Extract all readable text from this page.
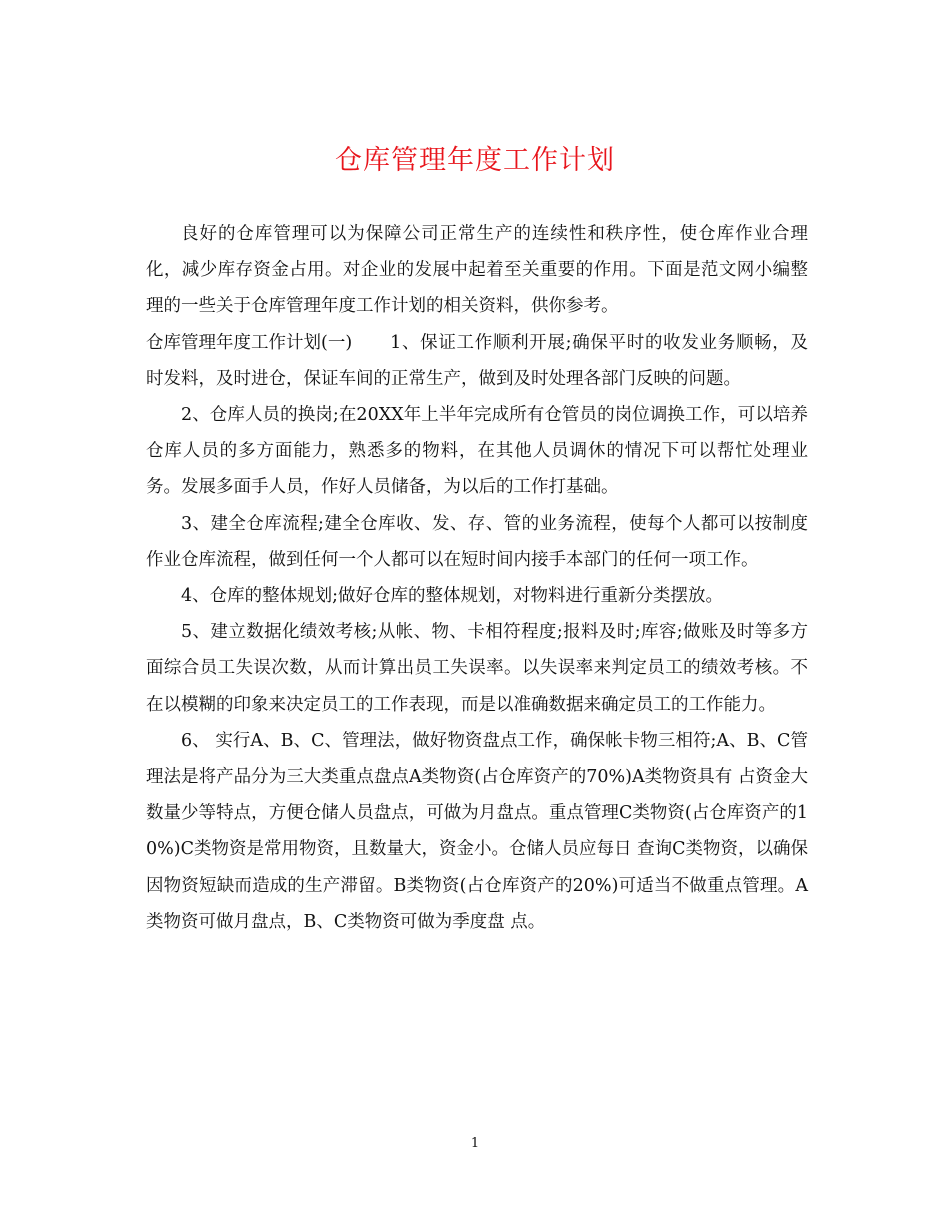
仓库管理年度工作计划

良好的仓库管理可以为保障公司正常生产的连续性和秩序性，使仓库作业合理化，减少库存资金占用。对企业的发展中起着至关重要的作用。下面是范文网小编整理的一些关于仓库管理年度工作计划的相关资料，供你参考。

仓库管理年度工作计划(一) 1、保证工作顺利开展;确保平时的收发业务顺畅，及时发料，及时进仓，保证车间的正常生产，做到及时处理各部门反映的问题。

2、仓库人员的换岗;在20XX年上半年完成所有仓管员的岗位调换工作，可以培养仓库人员的多方面能力，熟悉多的物料，在其他人员调休的情况下可以帮忙处理业务。发展多面手人员，作好人员储备，为以后的工作打基础。

3、建全仓库流程;建全仓库收、发、存、管的业务流程，使每个人都可以按制度作业仓库流程，做到任何一个人都可以在短时间内接手本部门的任何一项工作。

4、仓库的整体规划;做好仓库的整体规划，对物料进行重新分类摆放。

5、建立数据化绩效考核;从帐、物、卡相符程度;报料及时;库容;做账及时等多方面综合员工失误次数，从而计算出员工失误率。以失误率来判定员工的绩效考核。不在以模糊的印象来决定员工的工作表现，而是以准确数据来确定员工的工作能力。

6、 实行A、B、C、管理法，做好物资盘点工作，确保帐卡物三相符;A、B、C管理法是将产品分为三大类重点盘点A类物资(占仓库资产的70%)A类物资具有 占资金大数量少等特点，方便仓储人员盘点，可做为月盘点。重点管理C类物资(占仓库资产的10%)C类物资是常用物资，且数量大，资金小。仓储人员应每日 查询C类物资，以确保因物资短缺而造成的生产滞留。B类物资(占仓库资产的20%)可适当不做重点管理。A类物资可做月盘点，B、C类物资可做为季度盘 点。

1
